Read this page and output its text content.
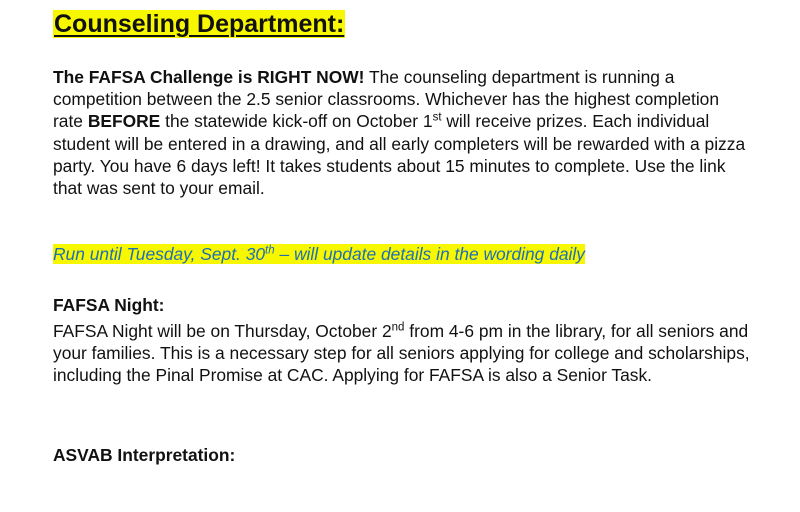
Counseling Department:

The FAFSA Challenge is RIGHT NOW! The counseling department is running a competition between the 2.5 senior classrooms. Whichever has the highest completion rate BEFORE the statewide kick-off on October 1st will receive prizes. Each individual student will be entered in a drawing, and all early completers will be rewarded with a pizza party. You have 6 days left! It takes students about 15 minutes to complete. Use the link that was sent to your email.

Run until Tuesday, Sept. 30th – will update details in the wording daily
FAFSA Night:

FAFSA Night will be on Thursday, October 2nd from 4-6 pm in the library, for all seniors and your families. This is a necessary step for all seniors applying for college and scholarships, including the Pinal Promise at CAC. Applying for FAFSA is also a Senior Task.

ASVAB Interpretation:
